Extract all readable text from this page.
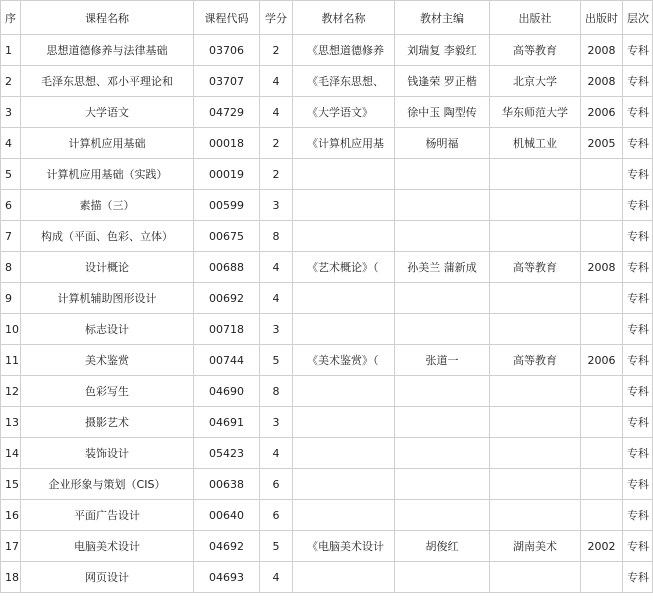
序	课程名称	课程代码	学分	教材名称	教材主编	出版社	出版时	层次
1	思想道德修养与法律基础	03706	2	《思想道德修养	刘瑞复 李毅红	高等教育	2008	专科
2	毛泽东思想、邓小平理论和	03707	4	《毛泽东思想、	钱逢荣 罗正楷	北京大学	2008	专科
3	大学语文	04729	4	《大学语文》	徐中玉 陶型传	华东师范大学	2006	专科
4	计算机应用基础	00018	2	《计算机应用基	杨明福	机械工业	2005	专科
5	计算机应用基础（实践）	00019	2					专科
6	素描（三）	00599	3					专科
7	构成（平面、色彩、立体）	00675	8					专科
8	设计概论	00688	4	《艺术概论》（	孙美兰 蒲新成	高等教育	2008	专科
9	计算机辅助图形设计	00692	4					专科
10	标志设计	00718	3					专科
11	美术鉴赏	00744	5	《美术鉴赏》（	张道一	高等教育	2006	专科
12	色彩写生	04690	8					专科
13	摄影艺术	04691	3					专科
14	装饰设计	05423	4					专科
15	企业形象与策划（CIS）	00638	6					专科
16	平面广告设计	00640	6					专科
17	电脑美术设计	04692	5	《电脑美术设计	胡俊红	湖南美术	2002	专科
18	网页设计	04693	4					专科
